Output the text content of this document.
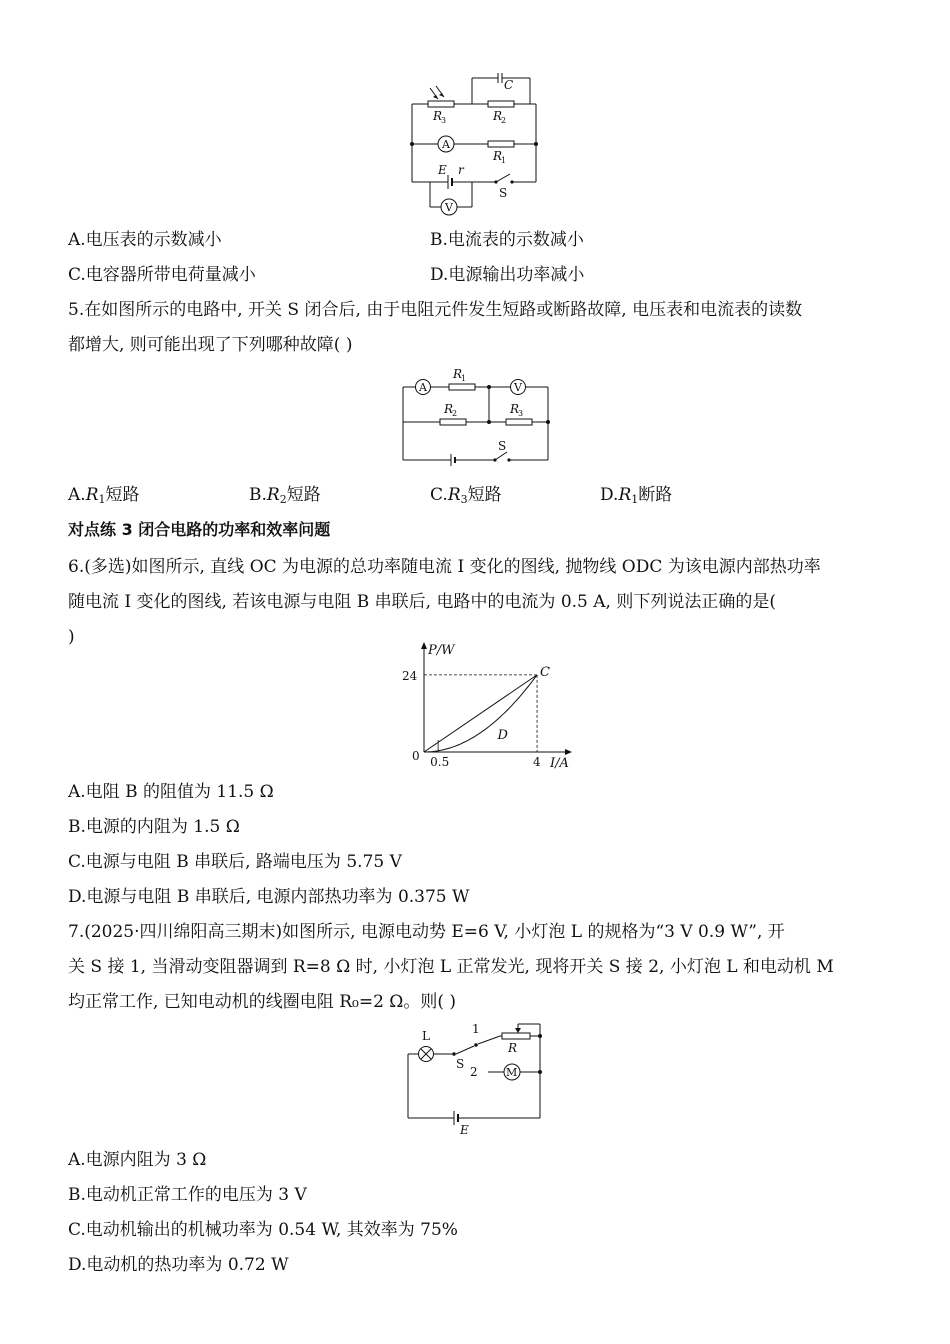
R
3	R
2
C
A
R
1
E r
S
V
A.电压表的示数减小	B.电流表的示数减小
C.电容器所带电荷量减小	D.电源输出功率减小
5.在如图所示的电路中, 开关 S 闭合后, 由于电阻元件发生短路或断路故障, 电压表和电流表的读数
都增大, 则可能出现了下列哪种故障( )
A
R
1
V
R
2	R
3
S
$A.R_1$短路	$B.R_2$短路	$C.R_3$短路	$D.R_1$断路
对点练 3 闭合电路的功率和效率问题
6.(多选)如图所示, 直线 OC 为电源的总功率随电流 I 变化的图线, 抛物线 ODC 为该电源内部热功率
随电流 I 变化的图线, 若该电源与电阻 B 串联后, 电路中的电流为 0.5 A, 则下列说法正确的是(
)
24
0.5	4
0
P/W
I/A
C
D
A.电阻 B 的阻值为 11.5 Ω
B.电源的内阻为 1.5 Ω
C.电源与电阻 B 串联后, 路端电压为 5.75 V
D.电源与电阻 B 串联后, 电源内部热功率为 0.375 W
7.(2025·四川绵阳高三期末)如图所示, 电源电动势 E=6 V, 小灯泡 L 的规格为“3 V 0.9 W”, 开
关 S 接 1, 当滑动变阻器调到 R=8 Ω 时, 小灯泡 L 正常发光, 现将开关 S 接 2, 小灯泡 L 和电动机 M
均正常工作, 已知电动机的线圈电阻 R₀=2 Ω。则( )
L
S
1
2
R
M
E
A.电源内阻为 3 Ω
B.电动机正常工作的电压为 3 V
C.电动机输出的机械功率为 0.54 W, 其效率为 75%
D.电动机的热功率为 0.72 W
